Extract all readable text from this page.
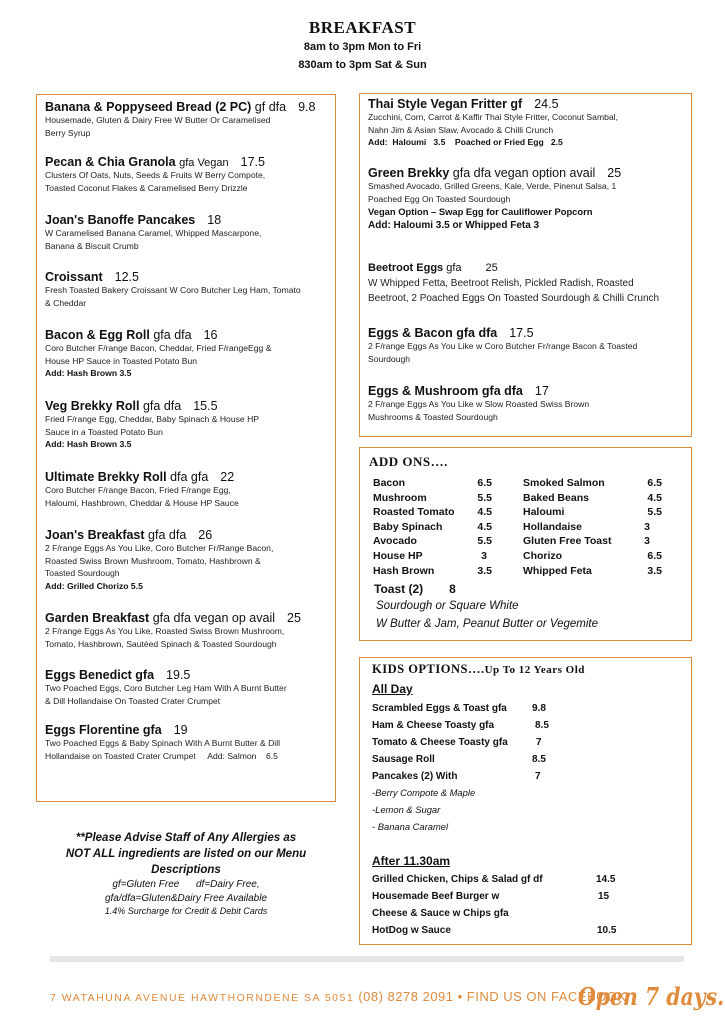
BREAKFAST
8am to 3pm Mon to Fri
830am to 3pm Sat & Sun
Banana & Poppyseed Bread (2 PC) gf dfa 9.8
Housemade, Gluten & Dairy Free W Butter Or Caramelised
Berry Syrup
Pecan & Chia Granola gfa Vegan 17.5
Clusters Of Oats, Nuts, Seeds & Fruits W Berry Compote,
Toasted Coconut Flakes & Caramelised Berry Drizzle
Joan's Banoffe Pancakes 18
W Caramelised Banana Caramel, Whipped Mascarpone,
Banana & Biscuit Crumb
Croissant 12.5
Fresh Toasted Bakery Croissant W Coro Butcher Leg Ham, Tomato
& Cheddar
Bacon & Egg Roll gfa dfa 16
Coro Butcher F/range Bacon, Cheddar, Fried F/rangeEgg &
House HP Sauce in Toasted Potato Bun
Add: Hash Brown 3.5
Veg Brekky Roll gfa dfa 15.5
Fried F/range Egg, Cheddar, Baby Spinach & House HP
Sauce in a Toasted Potato Bun
Add: Hash Brown 3.5
Ultimate Brekky Roll dfa gfa 22
Coro Butcher F/range Bacon, Fried F/range Egg,
Haloumi, Hashbrown, Cheddar & House HP Sauce
Joan's Breakfast gfa dfa 26
2 F/range Eggs As You Like, Coro Butcher Fr/Range Bacon,
Roasted Swiss Brown Mushroom, Tomato, Hashbrown &
Toasted Sourdough
Add: Grilled Chorizo 5.5
Garden Breakfast gfa dfa vegan op avail 25
2 F/range Eggs As You Like, Roasted Swiss Brown Mushroom,
Tomato, Hashbrown, Sautéed Spinach & Toasted Sourdough
Eggs Benedict gfa 19.5
Two Poached Eggs, Coro Butcher Leg Ham With A Burnt Butter
& Dill Hollandaise On Toasted Crater Crumpet
Eggs Florentine gfa 19
Two Poached Eggs & Baby Spinach With A Burnt Butter & Dill
Hollandaise on Toasted Crater Crumpet     Add: Salmon    6.5
Thai Style Vegan Fritter gf 24.5
Zucchini, Corn, Carrot & Kaffir Thai Style Fritter, Coconut Sambal,
Nahn Jim & Asian Slaw, Avocado & Chilli Crunch
Add:  Haloumi   3.5    Poached or Fried Egg   2.5
Green Brekky gfa dfa vegan option avail 25
Smashed Avocado, Grilled Greens, Kale, Verde, Pinenut Salsa, 1
Poached Egg On Toasted Sourdough
Vegan Option – Swap Egg for Cauliflower Popcorn
Add: Haloumi 3.5 or Whipped Feta 3
Beetroot Eggs gfa 25
W Whipped Fetta, Beetroot Relish, Pickled Radish, Roasted
Beetroot, 2 Poached Eggs On Toasted Sourdough & Chilli Crunch
Eggs & Bacon gfa dfa 17.5
2 F/range Eggs As You Like w Coro Butcher Fr/range Bacon & Toasted
Sourdough
Eggs & Mushroom gfa dfa 17
2 F/range Eggs As You Like w Slow Roasted Swiss Brown
Mushrooms & Toasted Sourdough
ADD ONS….
Bacon	6.5
Mushroom	5.5
Roasted Tomato 4.5
Baby Spinach	4.5
Avocado	5.5
House HP	3
Hash Brown	3.5
Smoked Salmon	6.5
Baked Beans	4.5
Haloumi	5.5
Hollandaise	3
Gluten Free Toast	3
Chorizo	6.5
Whipped Feta	3.5
Toast (2) 8
Sourdough or Square White
W Butter & Jam, Peanut Butter or Vegemite
KIDS OPTIONS….Up To 12 Years Old
All Day
Scrambled Eggs & Toast gfa	9.8
Ham & Cheese Toasty gfa	8.5
Tomato & Cheese Toasty gfa	7
Sausage Roll	8.5
Pancakes (2) With	7
-Berry Compote & Maple
-Lemon & Sugar
- Banana Caramel
After 11.30am
Grilled Chicken, Chips & Salad gf df	14.5
Housemade Beef Burger w	15
Cheese & Sauce w Chips gfa
HotDog w Sauce	10.5
**Please Advise Staff of Any Allergies as
NOT ALL ingredients are listed on our Menu
Descriptions
gf=Gluten Free      df=Dairy Free,
gfa/dfa=Gluten&Dairy Free Available
1.4% Surcharge for Credit & Debit Cards
7 WATAHUNA AVENUE HAWTHORNDENE SA 5051 (08) 8278 2091 • FIND US ON FACEBOOK
Open 7 days.
